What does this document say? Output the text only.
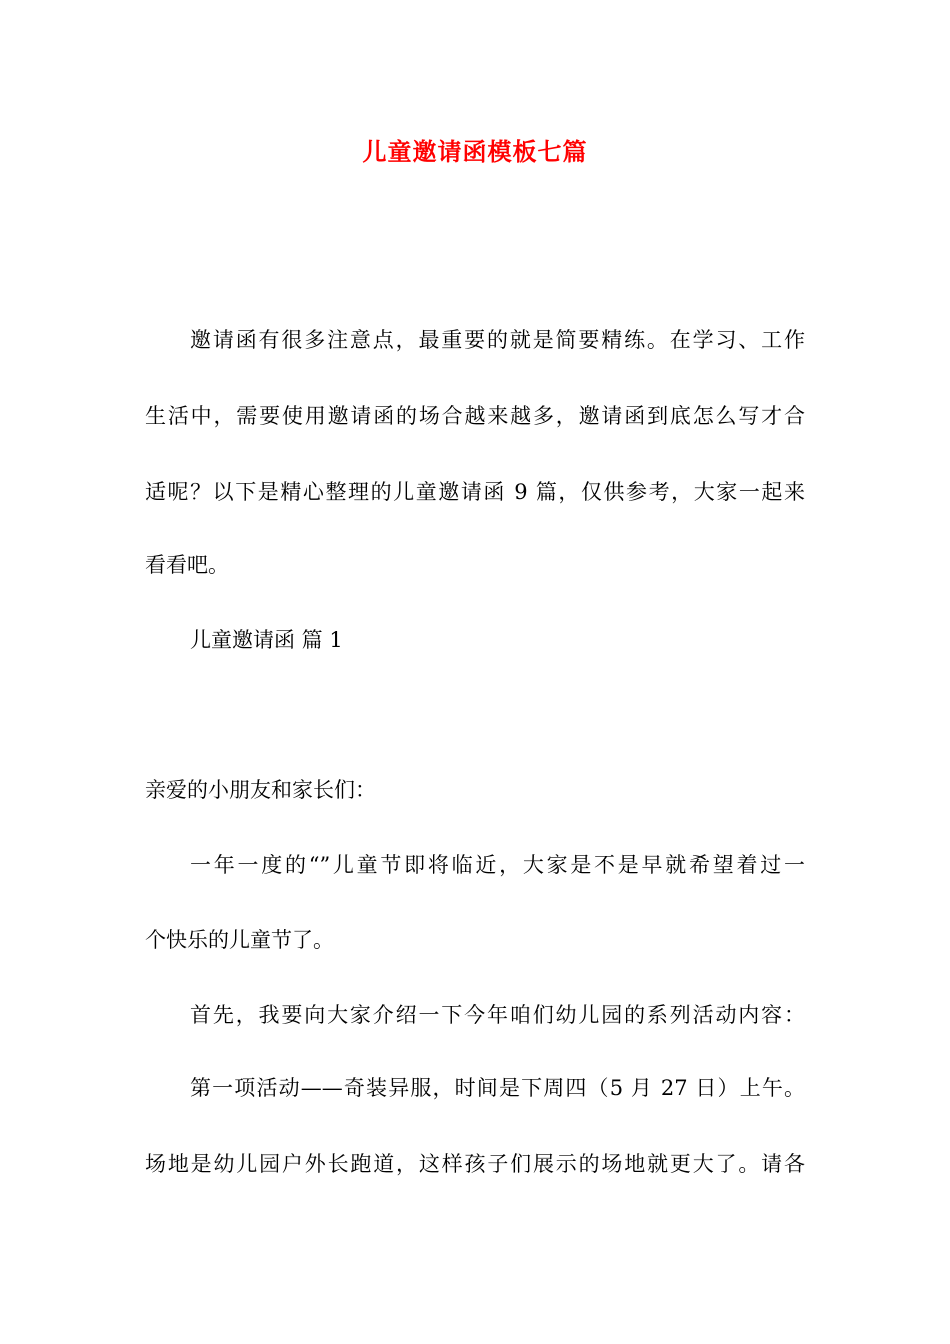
儿童邀请函模板七篇
邀请函有很多注意点，最重要的就是简要精练。在学习、工作
生活中，需要使用邀请函的场合越来越多，邀请函到底怎么写才合
适呢？以下是精心整理的儿童邀请函 9 篇，仅供参考，大家一起来
看看吧。
儿童邀请函 篇 1
亲爱的小朋友和家长们：
一年一度的“”儿童节即将临近，大家是不是早就希望着过一
个快乐的儿童节了。
首先，我要向大家介绍一下今年咱们幼儿园的系列活动内容：
第一项活动——奇装异服，时间是下周四（5 月 27 日）上午。
场地是幼儿园户外长跑道，这样孩子们展示的场地就更大了。请各
